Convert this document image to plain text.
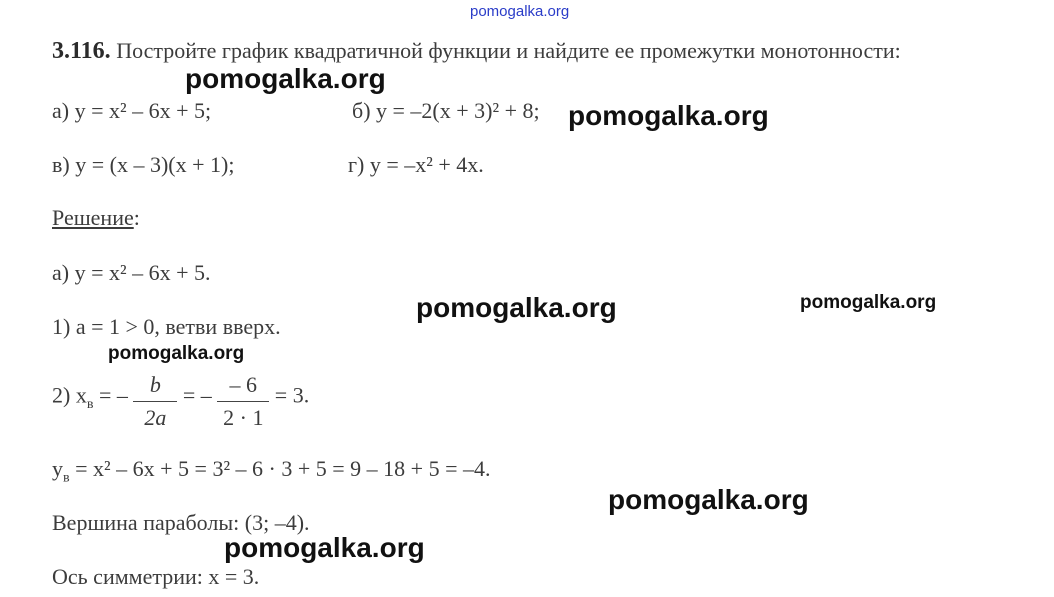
pomogalka.org
3.116. Постройте график квадратичной функции и найдите ее промежутки монотонности:
а) y = x² – 6x + 5;	б) y = –2(x + 3)² + 8;
в) y = (x – 3)(x + 1);	г) y = –x² + 4x.
Решение:
а) y = x² – 6x + 5.
1) a = 1 > 0, ветви вверх.
2) $x_в$ = – $\frac{b}{2a}$ = – $\frac{- 6}{2 \cdot 1} = 3$.
$y_в = x^2 - 6x + 5 = 3^2 - 6 \cdot 3 + 5 = 9 - 18 + 5 = -4$.
Вершина параболы: (3; –4).
Ось симметрии: x = 3.
pomogalka.org
pomogalka.org
pomogalka.org	pomogalka.org
pomogalka.org
pomogalka.org
pomogalka.org
